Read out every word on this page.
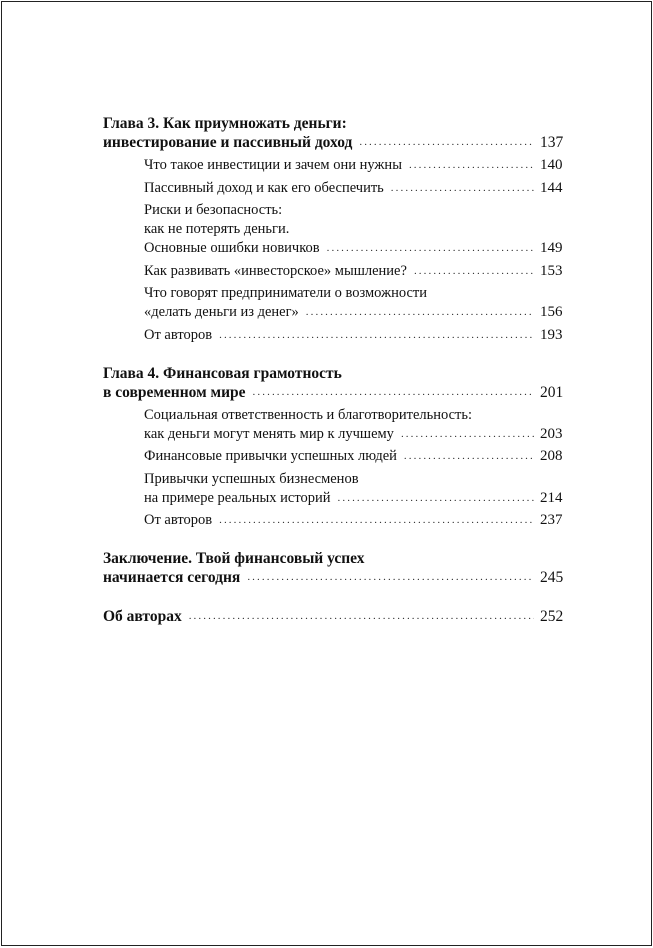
Глава 3. Как приумножать деньги:
инвестирование и пассивный доход .....	137
Что такое инвестиции и зачем они нужны .....	140
Пассивный доход и как его обеспечить .....	144
Риски и безопасность:
как не потерять деньги.
Основные ошибки новичков .....	149
Как развивать «инвесторское» мышление? .....	153
Что говорят предприниматели о возможности
«делать деньги из денег» .....	156
От авторов .....	193
Глава 4. Финансовая грамотность
в современном мире .....	201
Социальная ответственность и благотворительность:
как деньги могут менять мир к лучшему .....	203
Финансовые привычки успешных людей .....	208
Привычки успешных бизнесменов
на примере реальных историй .....	214
От авторов .....	237
Заключение. Твой финансовый успех
начинается сегодня .....	245
Об авторах .....	252
